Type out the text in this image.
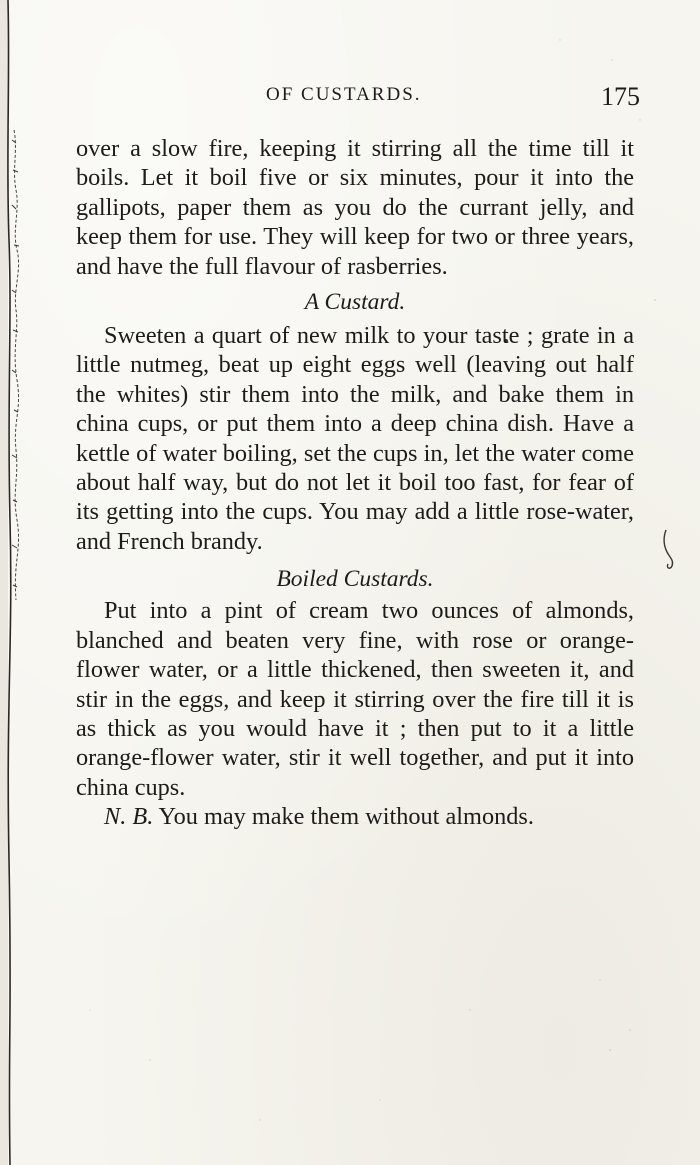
OF CUSTARDS.	175

over a slow fire, keeping it stirring all the time till it boils. Let it boil five or six minutes, pour it into the gallipots, paper them as you do the currant jelly, and keep them for use. They will keep for two or three years, and have the full flavour of rasberries.

A Custard.

Sweeten a quart of new milk to your taste ; grate in a little nutmeg, beat up eight eggs well (leaving out half the whites) stir them into the milk, and bake them in china cups, or put them into a deep china dish. Have a kettle of water boiling, set the cups in, let the water come about half way, but do not let it boil too fast, for fear of its getting into the cups. You may add a little rose-water, and French brandy.

Boiled Custards.

Put into a pint of cream two ounces of almonds, blanched and beaten very fine, with rose or orange-flower water, or a little thickened, then sweeten it, and stir in the eggs, and keep it stirring over the fire till it is as thick as you would have it ; then put to it a little orange-flower water, stir it well together, and put it into china cups.

N. B. You may make them without almonds.
